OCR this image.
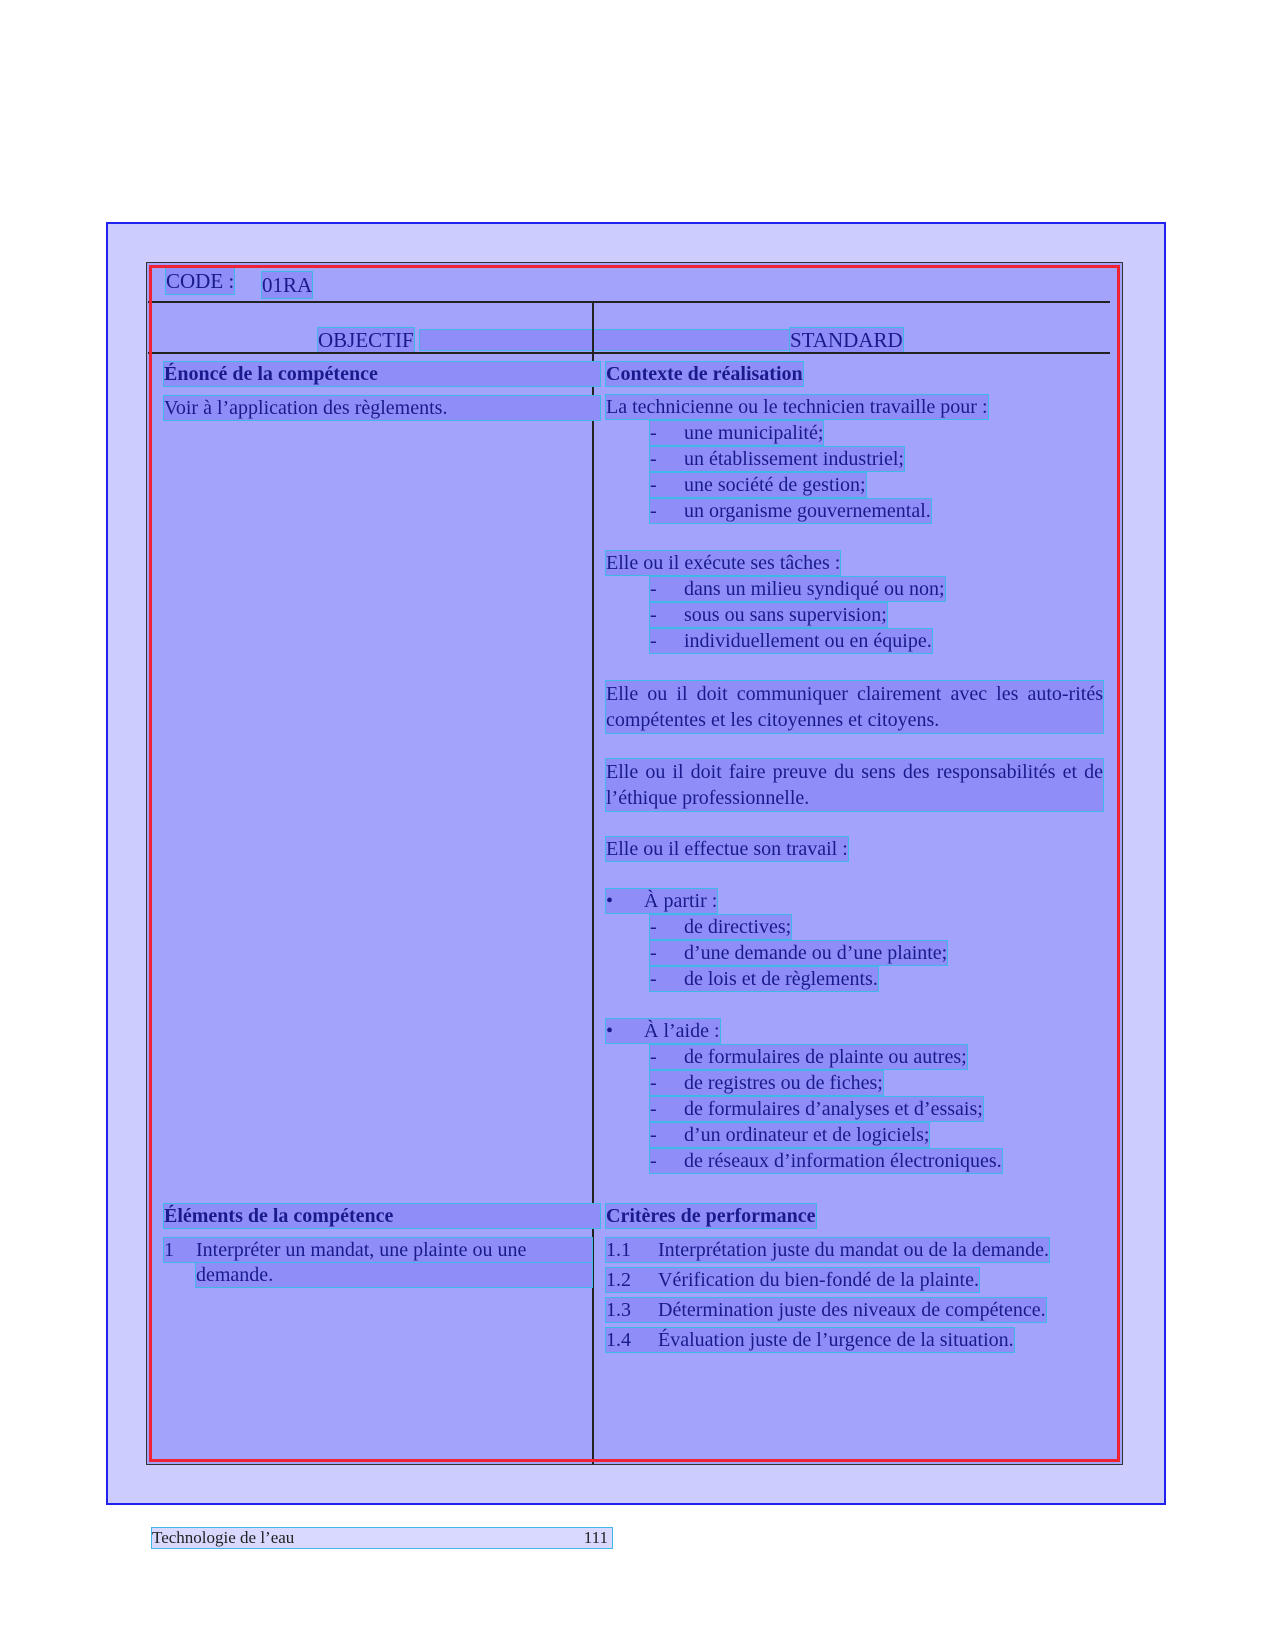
CODE : 01RA
OBJECTIF	STANDARD
Énoncé de la compétence
Voir à l’application des règlements.
Éléments de la compétence
1 Interpréter un mandat, une plainte ou une
demande.
Contexte de réalisation
La technicienne ou le technicien travaille pour :
- une municipalité;
- un établissement industriel;
- une société de gestion;
- un organisme gouvernemental.
Elle ou il exécute ses tâches :
- dans un milieu syndiqué ou non;
- sous ou sans supervision;
- individuellement ou en équipe.
Elle ou il doit communiquer clairement avec les auto-rités compétentes et les citoyennes et citoyens.
Elle ou il doit faire preuve du sens des responsabilités et de l’éthique professionnelle.
Elle ou il effectue son travail :
• À partir :
- de directives;
- d’une demande ou d’une plainte;
- de lois et de règlements.
• À l’aide :
- de formulaires de plainte ou autres;
- de registres ou de fiches;
- de formulaires d’analyses et d’essais;
- d’un ordinateur et de logiciels;
- de réseaux d’information électroniques.
Critères de performance
1.1 Interprétation juste du mandat ou de la demande.
1.2 Vérification du bien-fondé de la plainte.
1.3 Détermination juste des niveaux de compétence.
1.4 Évaluation juste de l’urgence de la situation.
Technologie de l’eau	111
